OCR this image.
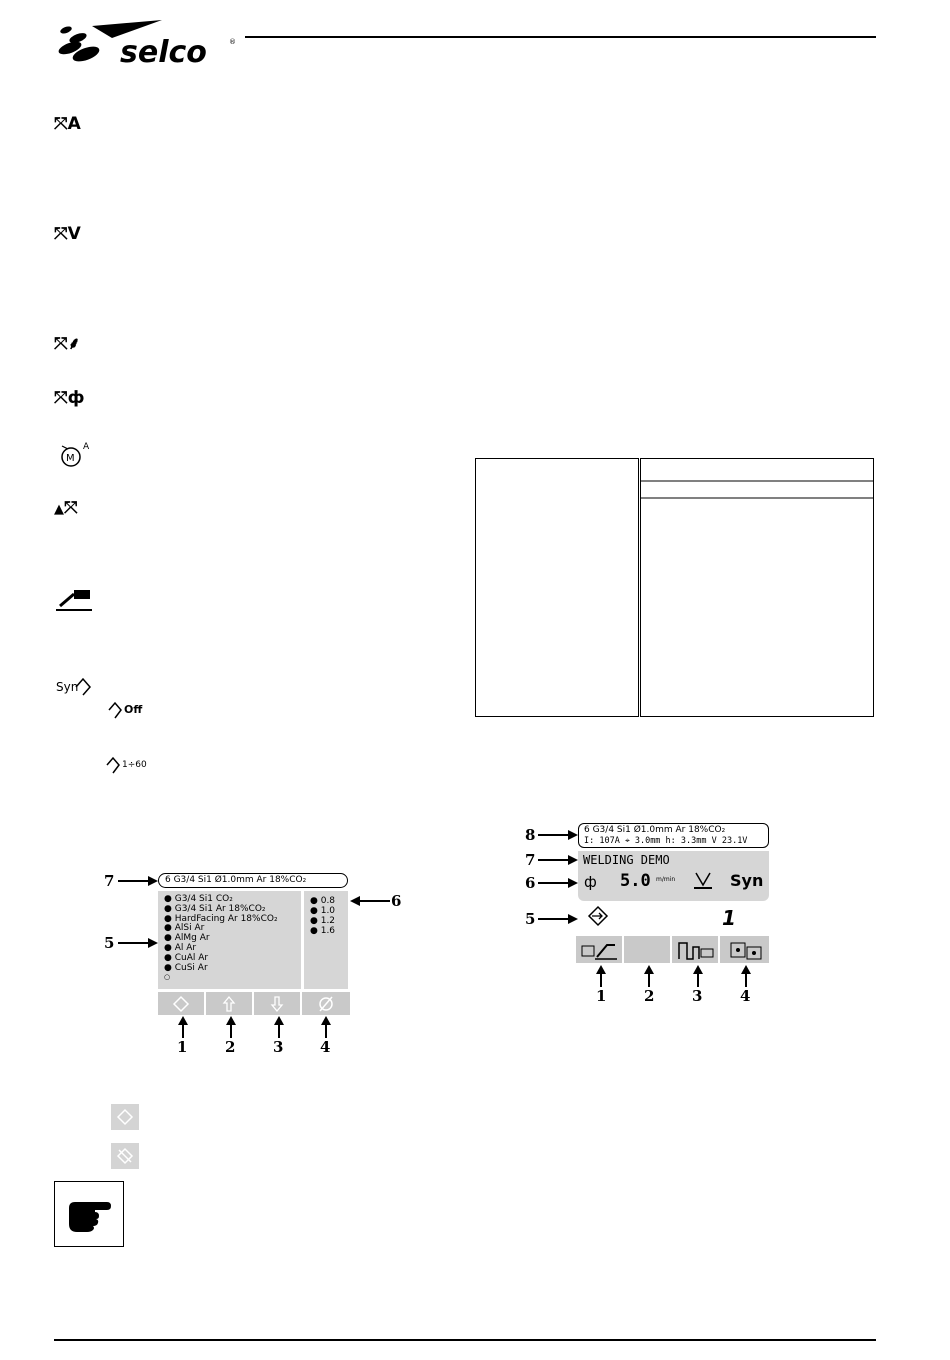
selco	®
⤧A
⤧V
⤧⸙
⤧ф
M
A
▲⤧
Syn
Off
1÷60
6 G3/4 Si1 Ø1.0mm Ar 18%CO₂
● G3/4 Si1 CO₂
● G3/4 Si1 Ar 18%CO₂
● HardFacing Ar 18%CO₂
● AlSi Ar
● AlMg Ar
● Al Ar
● CuAl Ar
● CuSi Ar
○
● 0.8
● 1.0
● 1.2
● 1.6
7
5
6
1	2	3 4
6 G3/4 Si1 Ø1.0mm Ar 18%CO₂
I: 107A ⌖ 3.0mm h: 3.3mm V 23.1V
WELDING DEMO
ф 5.0 m/min	Syn
1
8
7
6
5
1	2	3	4
